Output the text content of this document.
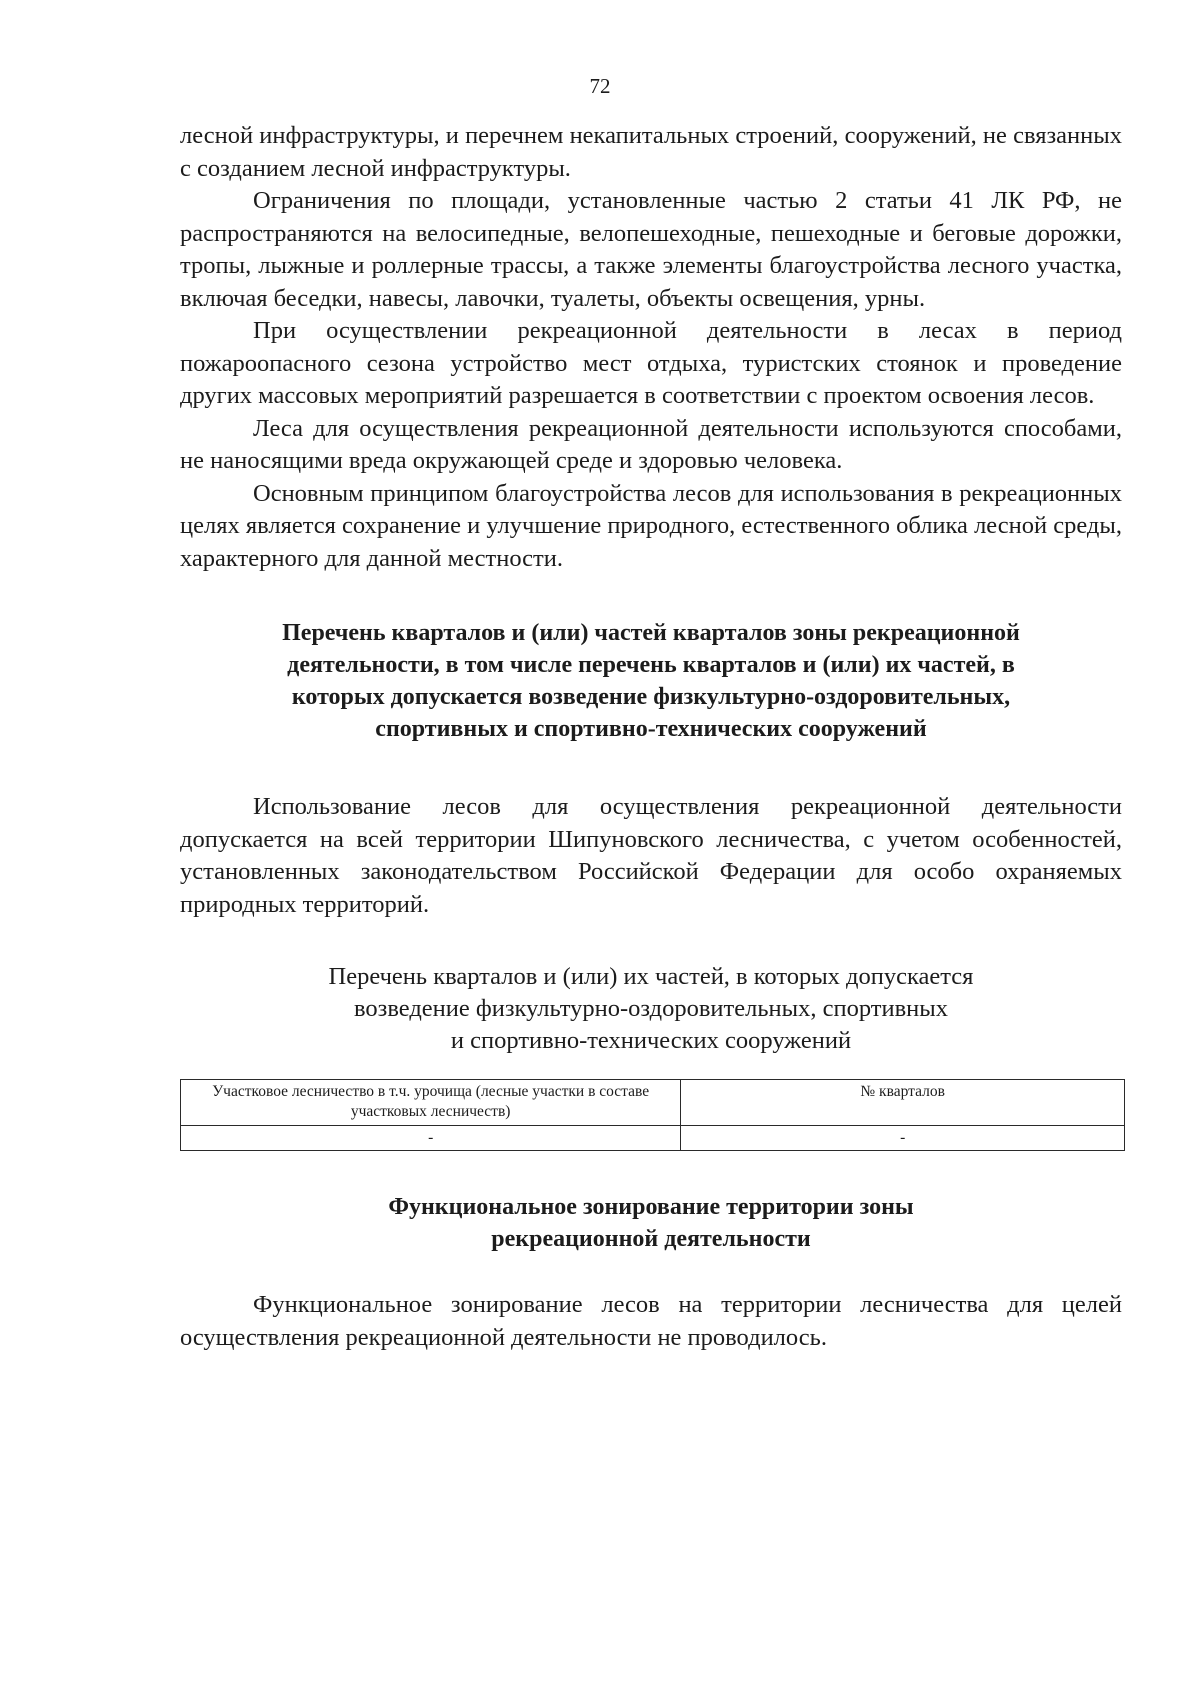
72

лесной инфраструктуры, и перечнем некапитальных строений, сооружений, не связанных с созданием лесной инфраструктуры.

Ограничения по площади, установленные частью 2 статьи 41 ЛК РФ, не распространяются на велосипедные, велопешеходные, пешеходные и беговые дорожки, тропы, лыжные и роллерные трассы, а также элементы благоустройства лесного участка, включая беседки, навесы, лавочки, туалеты, объекты освещения, урны.

При осуществлении рекреационной деятельности в лесах в период пожароопасного сезона устройство мест отдыха, туристских стоянок и проведение других массовых мероприятий разрешается в соответствии с проектом освоения лесов.

Леса для осуществления рекреационной деятельности используются способами, не наносящими вреда окружающей среде и здоровью человека.

Основным принципом благоустройства лесов для использования в рекреационных целях является сохранение и улучшение природного, естественного облика лесной среды, характерного для данной местности.

Перечень кварталов и (или) частей кварталов зоны рекреационной
деятельности, в том числе перечень кварталов и (или) их частей, в
которых допускается возведение физкультурно-оздоровительных,
спортивных и спортивно-технических сооружений

Использование лесов для осуществления рекреационной деятельности допускается на всей территории Шипуновского лесничества, с учетом особенностей, установленных законодательством Российской Федерации для особо охраняемых природных территорий.

Перечень кварталов и (или) их частей, в которых допускается
возведение физкультурно-оздоровительных, спортивных
и спортивно-технических сооружений
Участковое лесничество в т.ч. урочища (лесные участки в составе участковых лесничеств)	№ кварталов
-	-
Функциональное зонирование территории зоны
рекреационной деятельности

Функциональное зонирование лесов на территории лесничества для целей осуществления рекреационной деятельности не проводилось.
